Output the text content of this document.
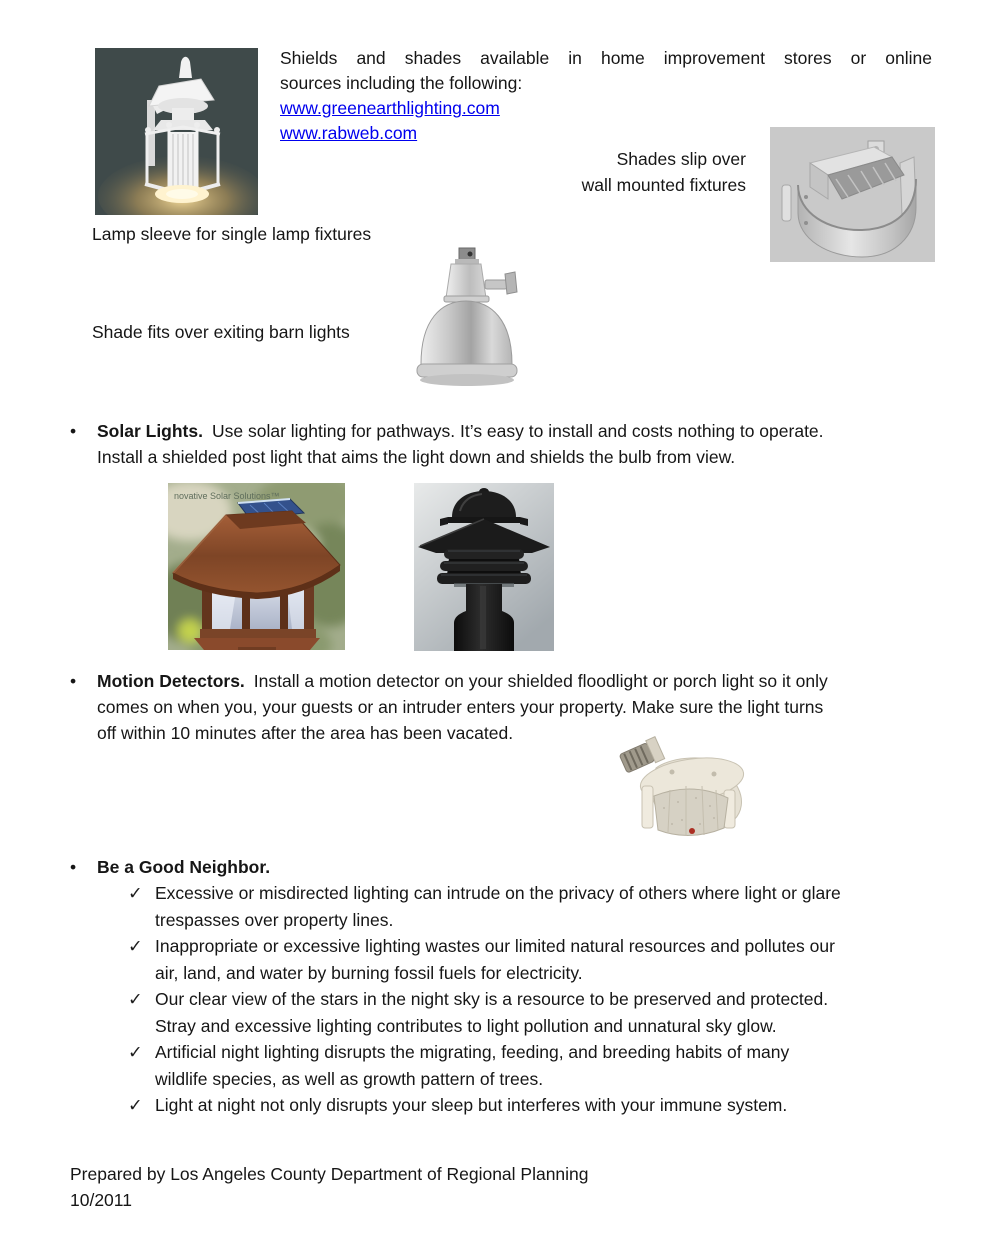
Shields and shades available in home improvement stores or online
sources including the following:
www.greenearthlighting.com
www.rabweb.com
Shades slip over
wall mounted fixtures
Lamp sleeve for single lamp fixtures
Shade fits over exiting barn lights
•	Solar Lights. Use solar lighting for pathways. It’s easy to install and costs nothing to operate.
Install a shielded post light that aims the light down and shields the bulb from view.
novative Solar Solutions™
•	Motion Detectors. Install a motion detector on your shielded floodlight or porch light so it only
comes on when you, your guests or an intruder enters your property. Make sure the light turns
off within 10 minutes after the area has been vacated.
•	Be a Good Neighbor.
✓ Excessive or misdirected lighting can intrude on the privacy of others where light or glare
trespasses over property lines.
✓ Inappropriate or excessive lighting wastes our limited natural resources and pollutes our
air, land, and water by burning fossil fuels for electricity.
✓ Our clear view of the stars in the night sky is a resource to be preserved and protected.
Stray and excessive lighting contributes to light pollution and unnatural sky glow.
✓ Artificial night lighting disrupts the migrating, feeding, and breeding habits of many
wildlife species, as well as growth pattern of trees.
✓ Light at night not only disrupts your sleep but interferes with your immune system.
Prepared by Los Angeles County Department of Regional Planning
10/2011
